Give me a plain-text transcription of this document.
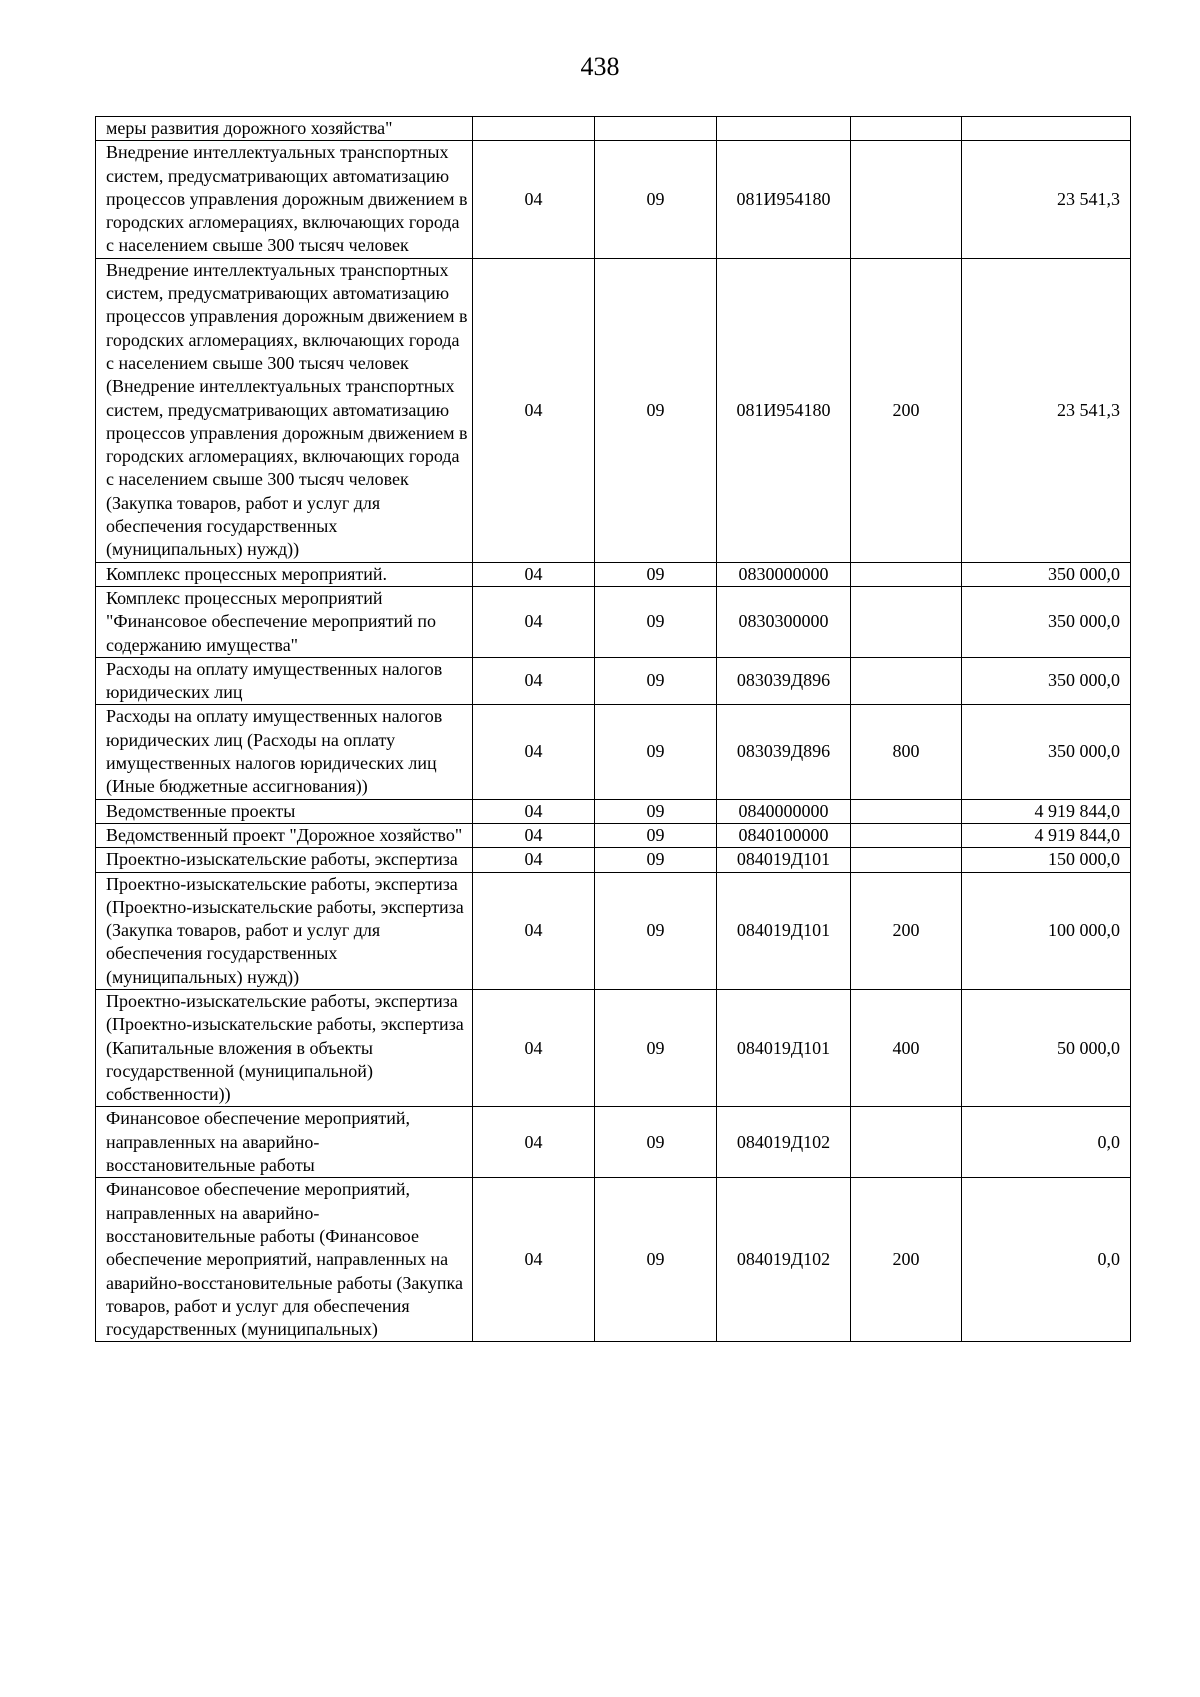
438
меры развития дорожного хозяйства"					
Внедрение интеллектуальных транспортных систем, предусматривающих автоматизацию процессов управления дорожным движением в городских агломерациях, включающих города с населением свыше 300 тысяч человек	04	09	081И954180		23 541,3
Внедрение интеллектуальных транспортных систем, предусматривающих автоматизацию процессов управления дорожным движением в городских агломерациях, включающих города с населением свыше 300 тысяч человек (Внедрение интеллектуальных транспортных систем, предусматривающих автоматизацию процессов управления дорожным движением в городских агломерациях, включающих города с населением свыше 300 тысяч человек (Закупка товаров, работ и услуг для обеспечения государственных (муниципальных) нужд))	04	09	081И954180	200	23 541,3
Комплекс процессных мероприятий.	04	09	0830000000		350 000,0
Комплекс процессных мероприятий "Финансовое обеспечение мероприятий по содержанию имущества"	04	09	0830300000		350 000,0
Расходы на оплату имущественных налогов юридических лиц	04	09	083039Д896		350 000,0
Расходы на оплату имущественных налогов юридических лиц (Расходы на оплату имущественных налогов юридических лиц (Иные бюджетные ассигнования))	04	09	083039Д896	800	350 000,0
Ведомственные проекты	04	09	0840000000		4 919 844,0
Ведомственный проект "Дорожное хозяйство"	04	09	0840100000		4 919 844,0
Проектно-изыскательские работы, экспертиза	04	09	084019Д101		150 000,0
Проектно-изыскательские работы, экспертиза (Проектно-изыскательские работы, экспертиза (Закупка товаров, работ и услуг для обеспечения государственных (муниципальных) нужд))	04	09	084019Д101	200	100 000,0
Проектно-изыскательские работы, экспертиза (Проектно-изыскательские работы, экспертиза (Капитальные вложения в объекты государственной (муниципальной) собственности))	04	09	084019Д101	400	50 000,0
Финансовое обеспечение мероприятий, направленных на аварийно-восстановительные работы	04	09	084019Д102		0,0
Финансовое обеспечение мероприятий, направленных на аварийно-восстановительные работы (Финансовое обеспечение мероприятий, направленных на аварийно-восстановительные работы (Закупка товаров, работ и услуг для обеспечения государственных (муниципальных)	04	09	084019Д102	200	0,0
